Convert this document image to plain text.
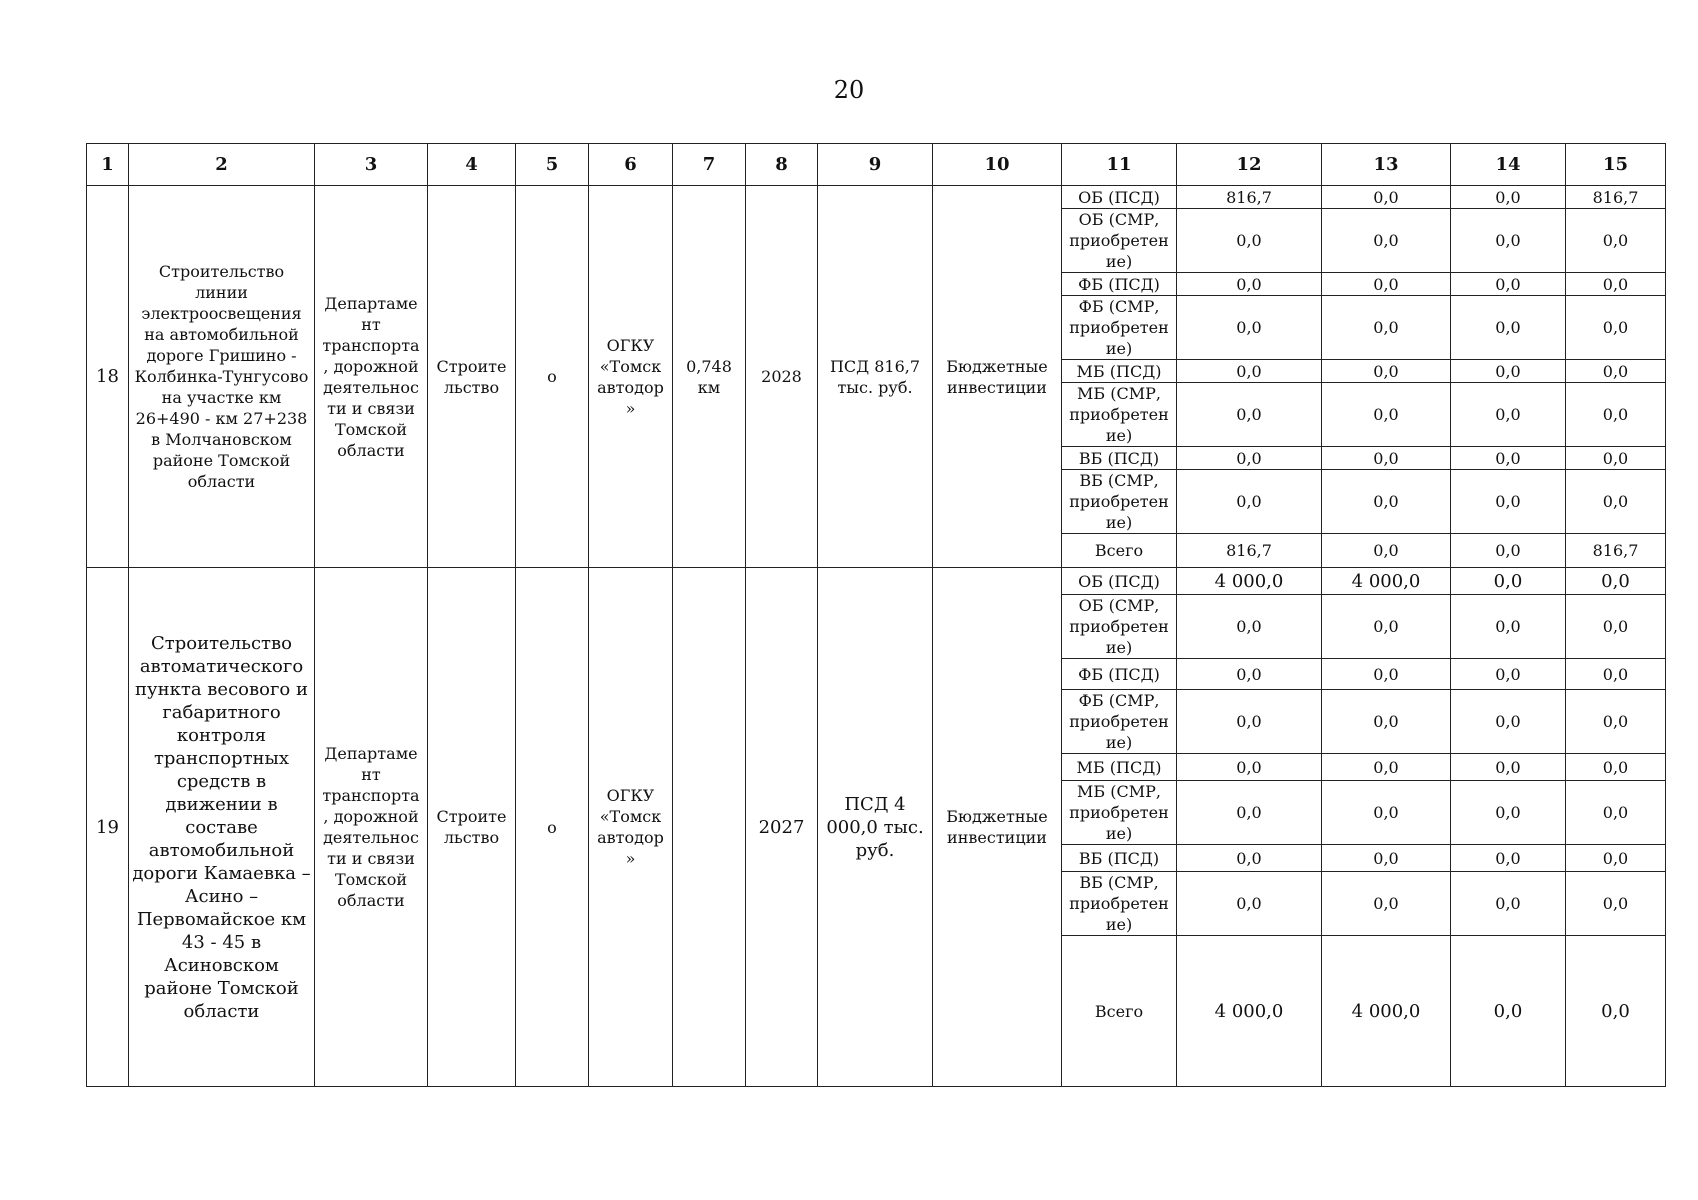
20
1	2	3	4	5	6	7	8	9	10	11	12	13	14	15
18	Строительство линии электроосвещения на автомобильной дороге Гришино - Колбинка-Тунгусово на участке км 26+490 - км 27+238 в Молчановском районе Томской области	Департаме нт транспорта , дорожной деятельнос ти и связи Томской области	Строите льство	о	ОГКУ «Томск автодор »	0,748 км	2028	ПСД 816,7 тыс. руб.	Бюджетные инвестиции	ОБ (ПСД)	816,7	0,0	0,0	816,7
										ОБ (СМР, приобретен ие)	0,0	0,0	0,0	0,0
										ФБ (ПСД)	0,0	0,0	0,0	0,0
										ФБ (СМР, приобретен ие)	0,0	0,0	0,0	0,0
										МБ (ПСД)	0,0	0,0	0,0	0,0
										МБ (СМР, приобретен ие)	0,0	0,0	0,0	0,0
										ВБ (ПСД)	0,0	0,0	0,0	0,0
										ВБ (СМР, приобретен ие)	0,0	0,0	0,0	0,0
										Всего	816,7	0,0	0,0	816,7
19	Строительство автоматического пункта весового и габаритного контроля транспортных средств в движении в составе автомобильной дороги Камаевка – Асино – Первомайское км 43 - 45 в Асиновском районе Томской области	Департаме нт транспорта , дорожной деятельнос ти и связи Томской области	Строите льство	о	ОГКУ «Томск автодор »		2027	ПСД 4 000,0 тыс. руб.	Бюджетные инвестиции	ОБ (ПСД)	4 000,0	4 000,0	0,0	0,0
										ОБ (СМР, приобретен ие)	0,0	0,0	0,0	0,0
										ФБ (ПСД)	0,0	0,0	0,0	0,0
										ФБ (СМР, приобретен ие)	0,0	0,0	0,0	0,0
										МБ (ПСД)	0,0	0,0	0,0	0,0
										МБ (СМР, приобретен ие)	0,0	0,0	0,0	0,0
										ВБ (ПСД)	0,0	0,0	0,0	0,0
										ВБ (СМР, приобретен ие)	0,0	0,0	0,0	0,0
										Всего	4 000,0	4 000,0	0,0	0,0
